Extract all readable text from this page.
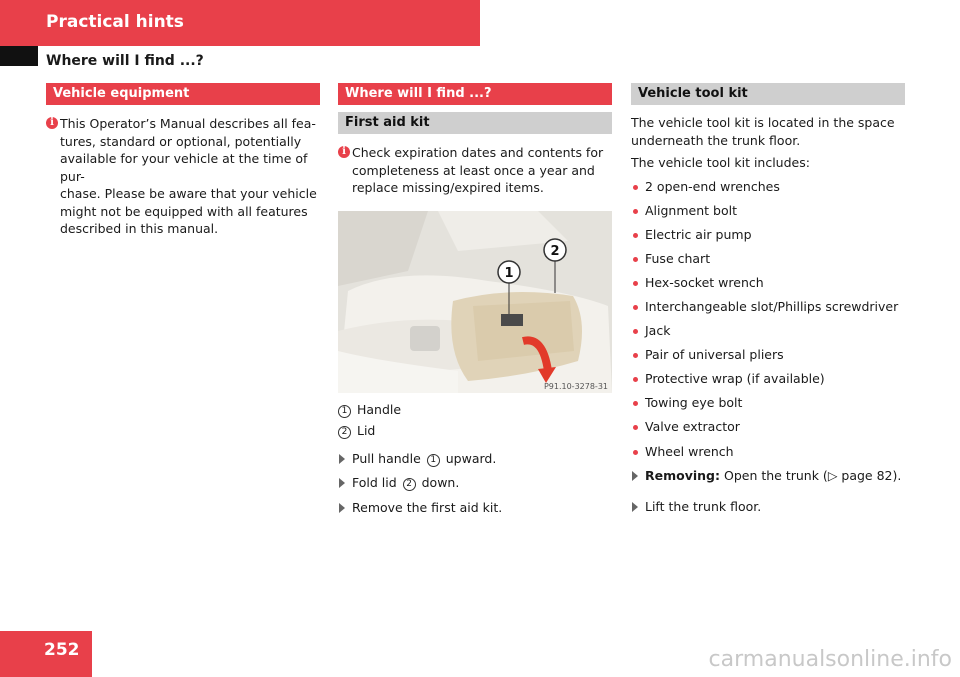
Practical hints
Where will I find ...?
Vehicle equipment
i This Operator’s Manual describes all fea-
tures, standard or optional, potentially
available for your vehicle at the time of pur-
chase. Please be aware that your vehicle
might not be equipped with all features
described in this manual.
Where will I find ...?
First aid kit
i Check expiration dates and contents for
completeness at least once a year and
replace missing/expired items.
1
2
P91.10-3278-31
1 Handle
2 Lid
Pull handle 1 upward.
Fold lid 2 down.
Remove the first aid kit.
Vehicle tool kit
The vehicle tool kit is located in the space
underneath the trunk floor.
The vehicle tool kit includes:
2 open-end wrenches
Alignment bolt
Electric air pump
Fuse chart
Hex-socket wrench
Interchangeable slot/Phillips screwdriver
Jack
Pair of universal pliers
Protective wrap (if available)
Towing eye bolt
Valve extractor
Wheel wrench
Removing: Open the trunk (▷ page 82).
Lift the trunk floor.
252	carmanualsonline.info
